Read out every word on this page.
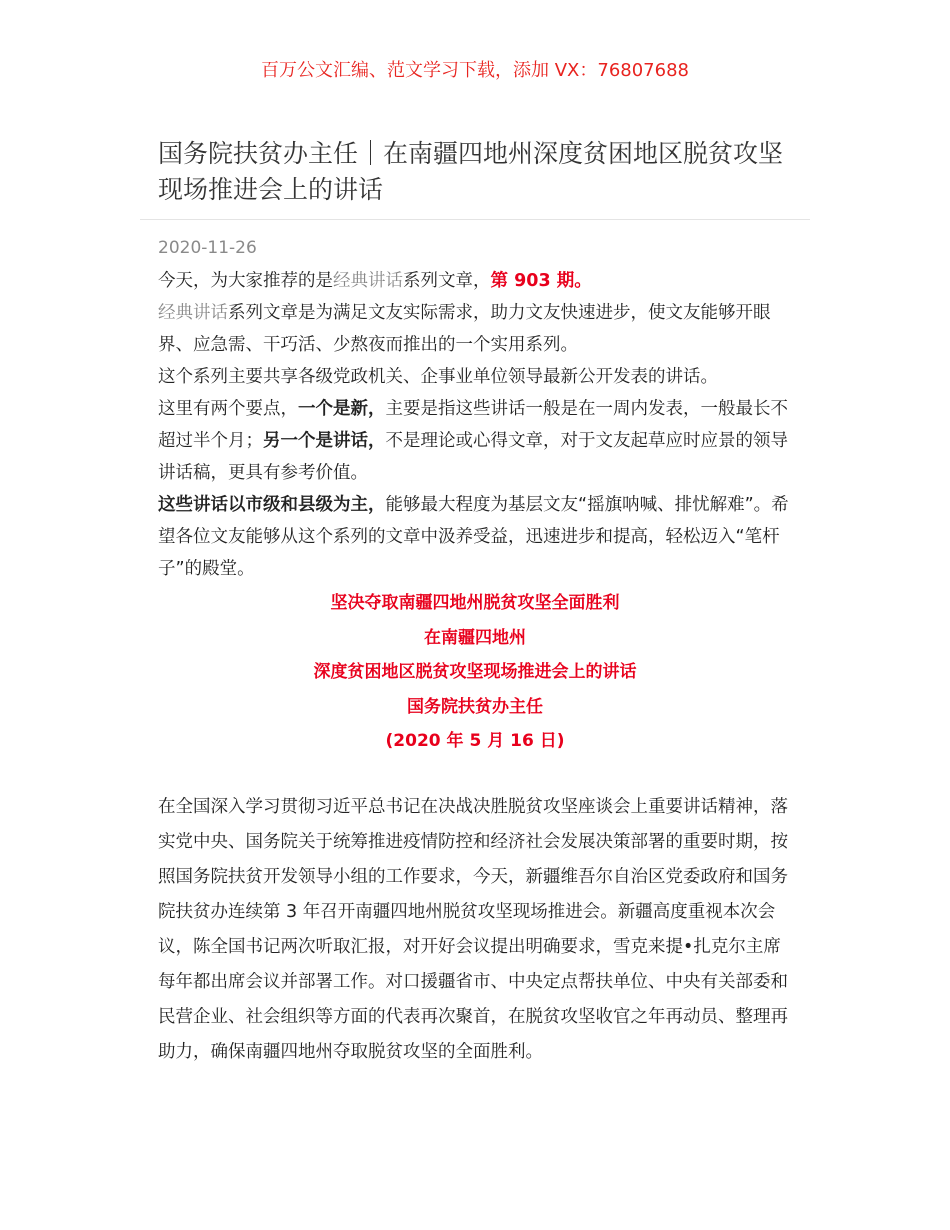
百万公文汇编、范文学习下载，添加 VX：76807688
国务院扶贫办主任｜在南疆四地州深度贫困地区脱贫攻坚现场推进会上的讲话
2020-11-26

今天，为大家推荐的是经典讲话系列文章，第 903 期。

经典讲话系列文章是为满足文友实际需求，助力文友快速进步，使文友能够开眼界、应急需、干巧活、少熬夜而推出的一个实用系列。

这个系列主要共享各级党政机关、企事业单位领导最新公开发表的讲话。

这里有两个要点，一个是新，主要是指这些讲话一般是在一周内发表，一般最长不超过半个月；另一个是讲话，不是理论或心得文章，对于文友起草应时应景的领导讲话稿，更具有参考价值。

这些讲话以市级和县级为主，能够最大程度为基层文友“摇旗呐喊、排忧解难”。希望各位文友能够从这个系列的文章中汲养受益，迅速进步和提高，轻松迈入“笔杆子”的殿堂。

坚决夺取南疆四地州脱贫攻坚全面胜利
在南疆四地州
深度贫困地区脱贫攻坚现场推进会上的讲话
国务院扶贫办主任
(2020 年 5 月 16 日)

在全国深入学习贯彻习近平总书记在决战决胜脱贫攻坚座谈会上重要讲话精神，落实党中央、国务院关于统筹推进疫情防控和经济社会发展决策部署的重要时期，按照国务院扶贫开发领导小组的工作要求，今天，新疆维吾尔自治区党委政府和国务院扶贫办连续第 3 年召开南疆四地州脱贫攻坚现场推进会。新疆高度重视本次会议，陈全国书记两次听取汇报，对开好会议提出明确要求，雪克来提•扎克尔主席每年都出席会议并部署工作。对口援疆省市、中央定点帮扶单位、中央有关部委和民营企业、社会组织等方面的代表再次聚首，在脱贫攻坚收官之年再动员、整理再助力，确保南疆四地州夺取脱贫攻坚的全面胜利。
